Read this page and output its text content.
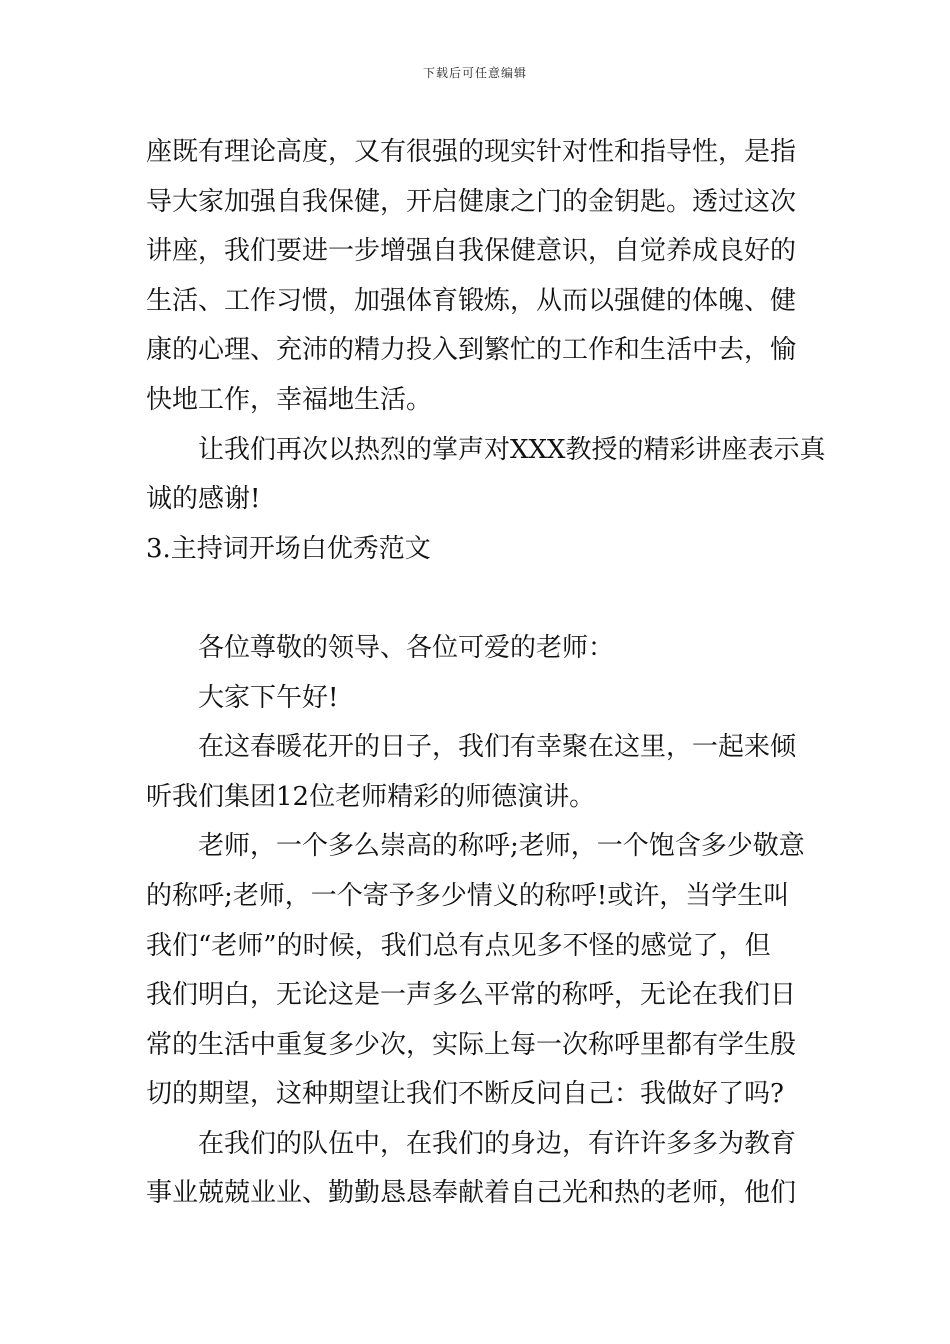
下载后可任意编辑
座既有理论高度，又有很强的现实针对性和指导性，是指
导大家加强自我保健，开启健康之门的金钥匙。透过这次
讲座，我们要进一步增强自我保健意识，自觉养成良好的
生活、工作习惯，加强体育锻炼，从而以强健的体魄、健
康的心理、充沛的精力投入到繁忙的工作和生活中去，愉
快地工作，幸福地生活。
让我们再次以热烈的掌声对XXX教授的精彩讲座表示真
诚的感谢!
3.主持词开场白优秀范文
各位尊敬的领导、各位可爱的老师：
大家下午好!
在这春暖花开的日子，我们有幸聚在这里，一起来倾
听我们集团12位老师精彩的师德演讲。
老师，一个多么崇高的称呼;老师，一个饱含多少敬意
的称呼;老师，一个寄予多少情义的称呼!或许，当学生叫
我们“老师”的时候，我们总有点见多不怪的感觉了，但
我们明白，无论这是一声多么平常的称呼，无论在我们日
常的生活中重复多少次，实际上每一次称呼里都有学生殷
切的期望，这种期望让我们不断反问自己：我做好了吗?
在我们的队伍中，在我们的身边，有许许多多为教育
事业兢兢业业、勤勤恳恳奉献着自己光和热的老师，他们
